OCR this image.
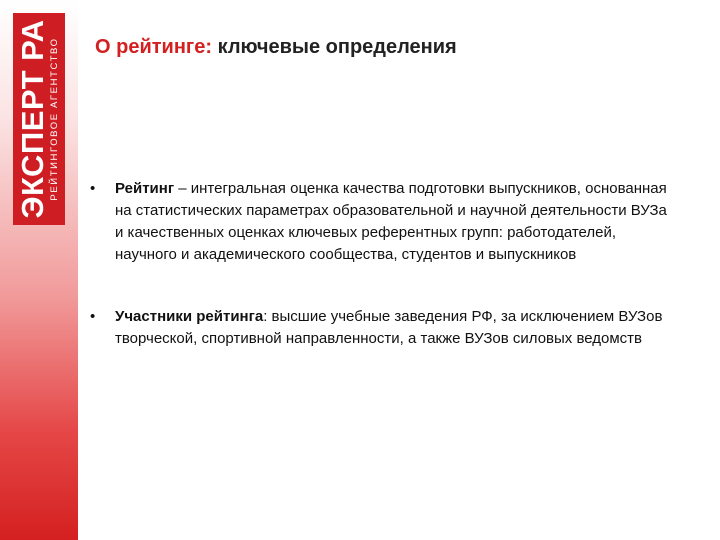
ЭКСПЕРТ РА РЕЙТИНГОВОЕ АГЕНТСТВО О рейтинге: ключевые определения
• Рейтинг – интегральная оценка качества подготовки выпускников, основанная на статистических параметрах образовательной и научной деятельности ВУЗа и качественных оценках ключевых референтных групп: работодателей, научного и академического сообщества, студентов и выпускников
• Участники рейтинга: высшие учебные заведения РФ, за исключением ВУЗов творческой, спортивной направленности, а также ВУЗов силовых ведомств
